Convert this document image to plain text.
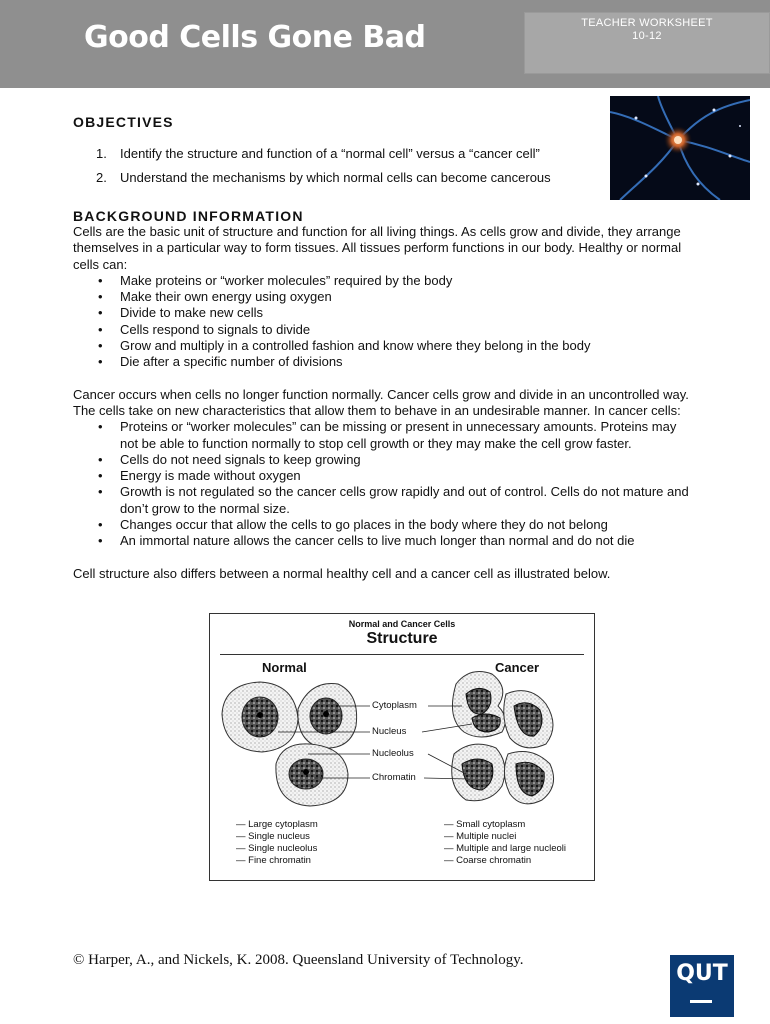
Good Cells Gone Bad	TEACHER WORKSHEET
10-12
OBJECTIVES
1.	Identify the structure and function of a “normal cell” versus a “cancer cell”
2.	Understand the mechanisms by which normal cells can become cancerous
BACKGROUND INFORMATION
Cells are the basic unit of structure and function for all living things. As cells grow and divide, they arrange themselves in a particular way to form tissues. All tissues perform functions in our body. Healthy or normal cells can:
• Make proteins or “worker molecules” required by the body
• Make their own energy using oxygen
• Divide to make new cells
• Cells respond to signals to divide
• Grow and multiply in a controlled fashion and know where they belong in the body
• Die after a specific number of divisions
Cancer occurs when cells no longer function normally. Cancer cells grow and divide in an uncontrolled way. The cells take on new characteristics that allow them to behave in an undesirable manner. In cancer cells:
• Proteins or “worker molecules” can be missing or present in unnecessary amounts. Proteins may not be able to function normally to stop cell growth or they may make the cell grow faster.
• Cells do not need signals to keep growing
• Energy is made without oxygen
• Growth is not regulated so the cancer cells grow rapidly and out of control. Cells do not mature and don’t grow to the normal size.
• Changes occur that allow the cells to go places in the body where they do not belong
• An immortal nature allows the cancer cells to live much longer than normal and do not die
Cell structure also differs between a normal healthy cell and a cancer cell as illustrated below.
Normal and Cancer Cells
Structure
Normal	Cancer
Cytoplasm
Nucleus
Nucleolus
Chromatin
— Large cytoplasm
— Single nucleus
— Single nucleolus
— Fine chromatin
— Small cytoplasm
— Multiple nuclei
— Multiple and large nucleoli
— Coarse chromatin
© Harper, A., and Nickels, K. 2008. Queensland University of Technology.
QUT
